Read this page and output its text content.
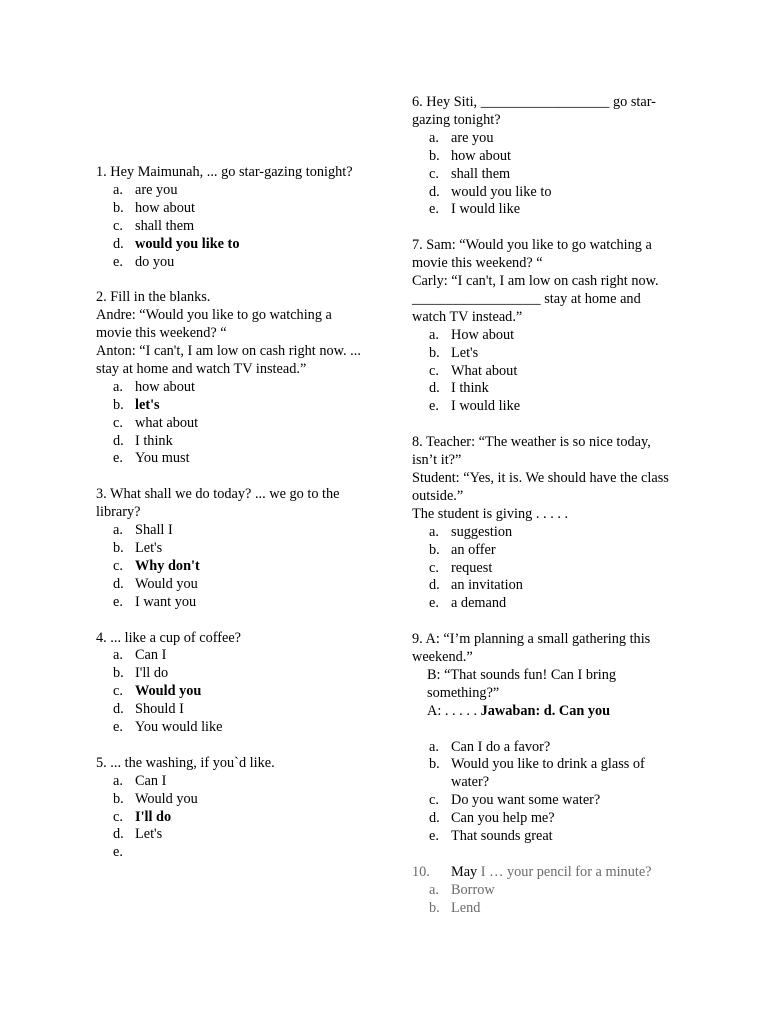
1. Hey Maimunah, ... go star-gazing tonight?

a. are you
b. how about
c. shall them
d. would you like to
e. do you

2. Fill in the blanks.

Andre: “Would you like to go watching a movie this weekend? “

Anton: “I can't, I am low on cash right now. ... stay at home and watch TV instead.”

a. how about
b. let's
c. what about
d. I think
e. You must

3. What shall we do today? ... we go to the library?

a. Shall I
b. Let's
c. Why don't
d. Would you
e. I want you

4. ... like a cup of coffee?

a. Can I
b. I'll do
c. Would you
d. Should I
e. You would like

5. ... the washing, if you`d like.

a. Can I
b. Would you
c. I'll do
d. Let's
e.

6. Hey Siti, __________________ go star-gazing tonight?

a. are you
b. how about
c. shall them
d. would you like to
e. I would like

7. Sam: “Would you like to go watching a movie this weekend? “

Carly: “I can't, I am low on cash right now. __________________ stay at home and watch TV instead.”

a. How about
b. Let's
c. What about
d. I think
e. I would like

8. Teacher: “The weather is so nice today, isn’t it?”

Student: “Yes, it is. We should have the class outside.”

The student is giving . . . . .

a. suggestion
b. an offer
c. request
d. an invitation
e. a demand

9. A: “I’m planning a small gathering this weekend.”

B: “That sounds fun! Can I bring something?”

A: . . . . . Jawaban: d. Can you

a. Can I do a favor?
b. Would you like to drink a glass of water?
c. Do you want some water?
d. Can you help me?
e. That sounds great

10. May I … your pencil for a minute?

a. Borrow
b. Lend
